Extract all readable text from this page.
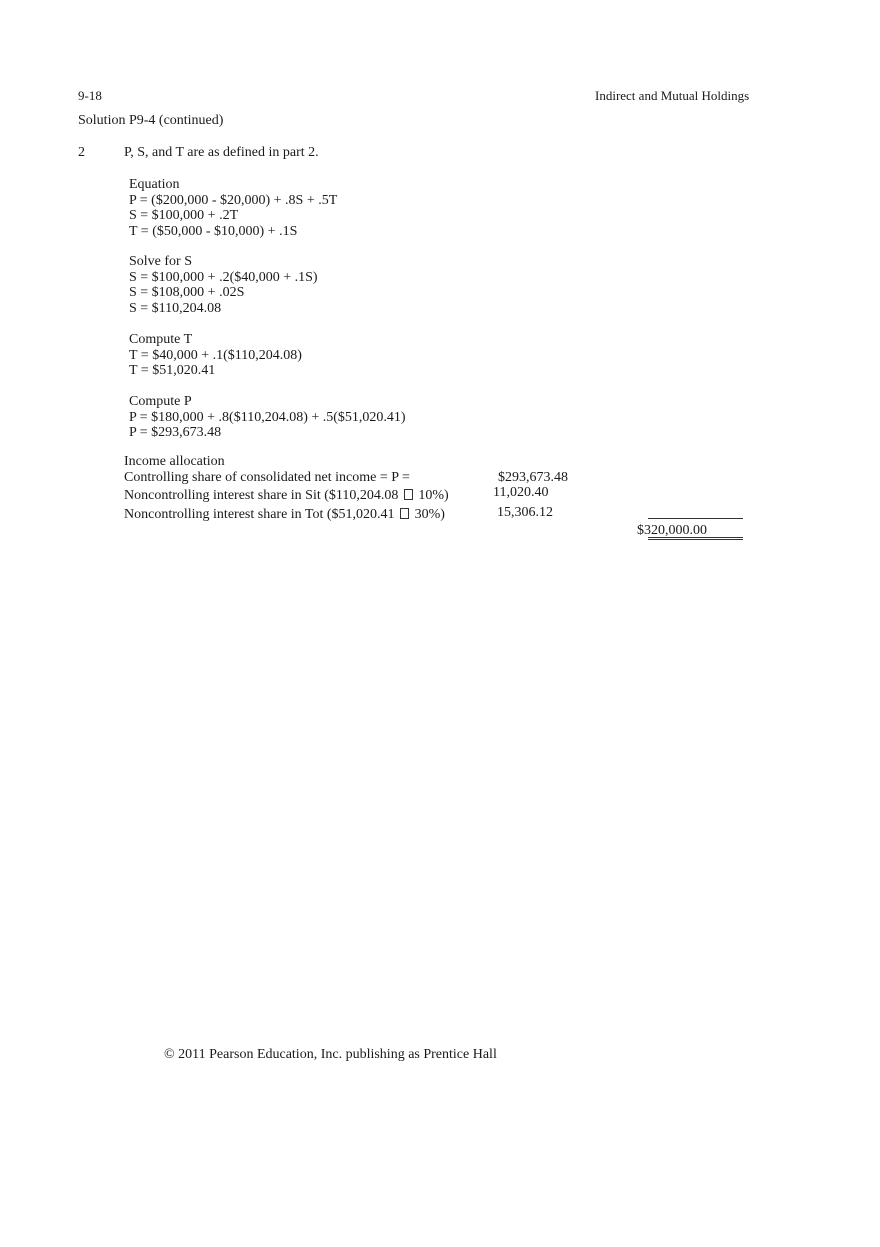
9-18	Indirect and Mutual Holdings
Solution P9-4 (continued)
2	P, S, and T are as defined in part 2.
Equation
P = ($200,000 - $20,000) + .8S + .5T
S = $100,000 + .2T
T = ($50,000 - $10,000) + .1S
Solve for S
S = $100,000 + .2($40,000 + .1S)
S = $108,000 + .02S
S = $110,204.08
Compute T
T = $40,000 + .1($110,204.08)
T = $51,020.41
Compute P
P = $180,000 + .8($110,204.08) + .5($51,020.41)
P = $293,673.48
Income allocation
Controlling share of consolidated net income = P =	$293,673.48
Noncontrolling interest share in Sit ($110,204.08  10%)	11,020.40
Noncontrolling interest share in Tot ($51,020.41  30%)	15,306.12
$320,000.00
© 2011 Pearson Education, Inc. publishing as Prentice Hall
